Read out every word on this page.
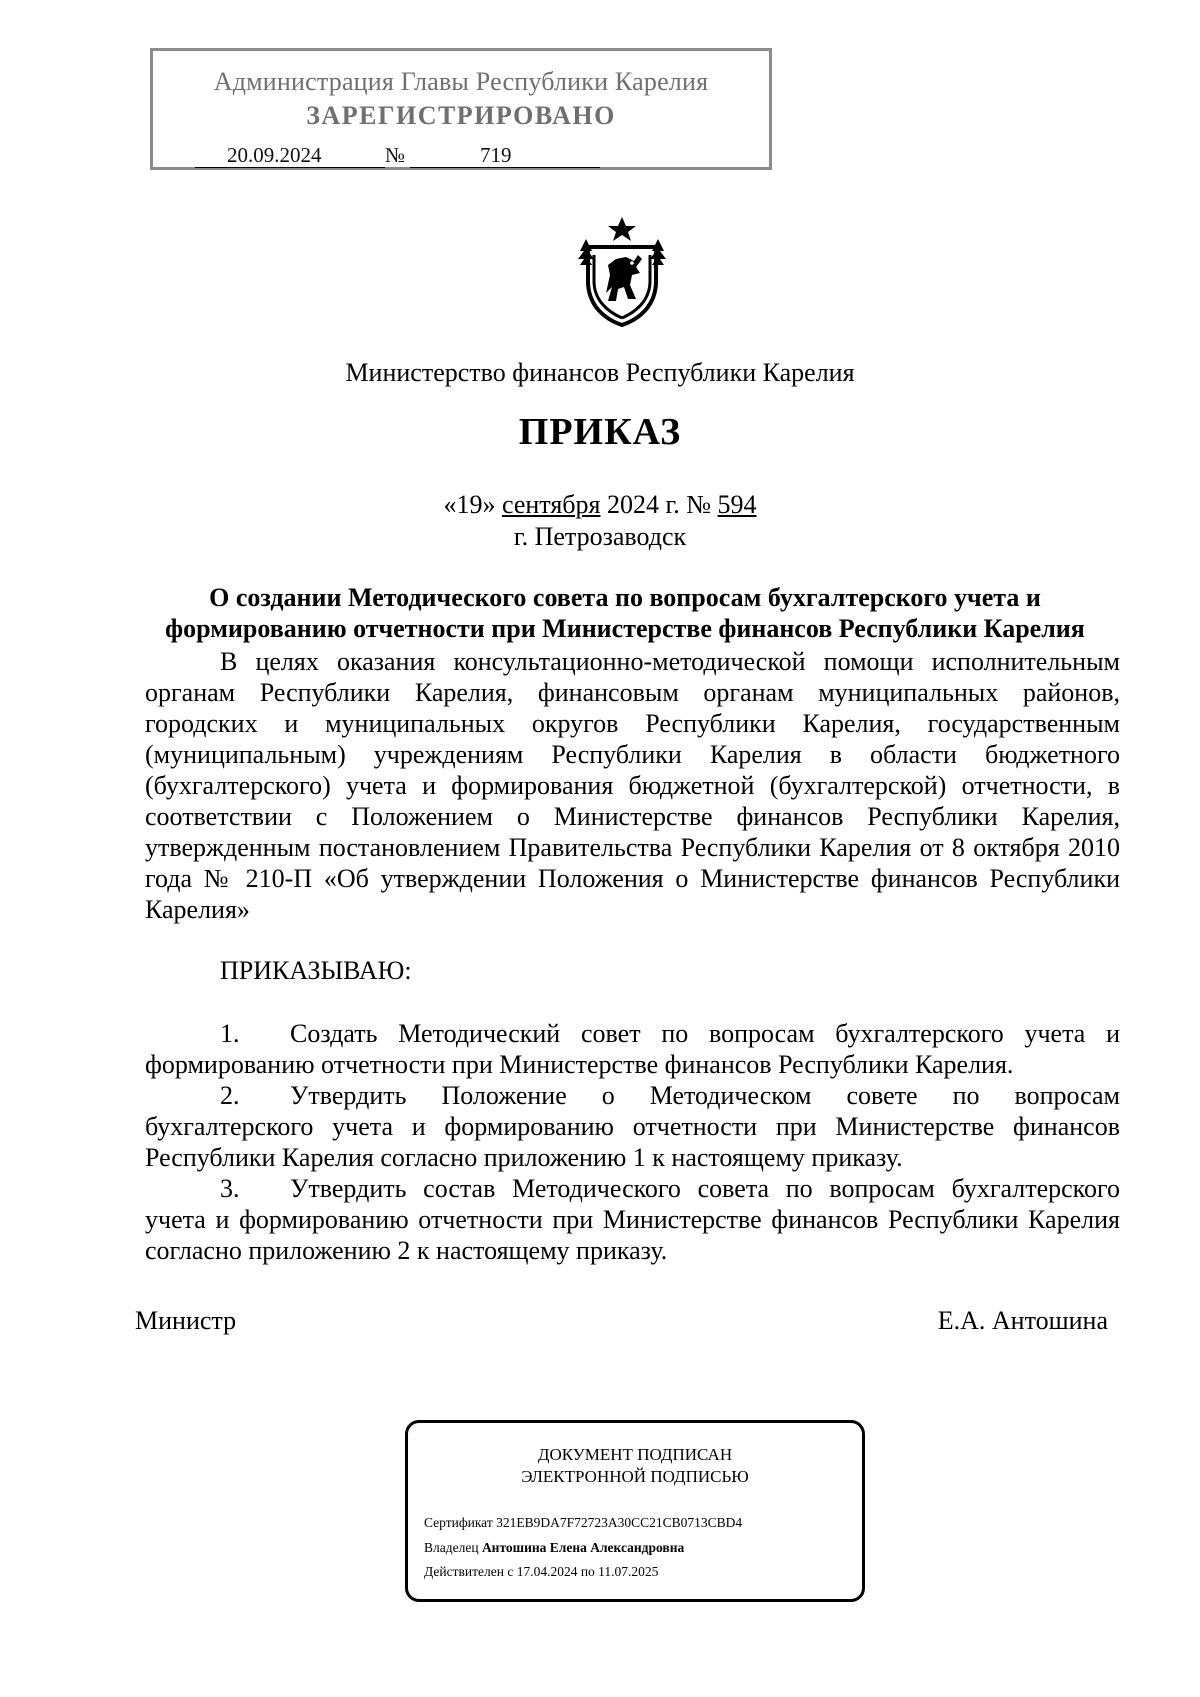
Администрация Главы Республики Карелия
ЗАРЕГИСТРИРОВАНО
20.09.2024	№	719
Министерство финансов Республики Карелия
ПРИКАЗ
«19» сентября 2024 г. № 594
г. Петрозаводск
О создании Методического совета по вопросам бухгалтерского учета и формированию отчетности при Министерстве финансов Республики Карелия

В целях оказания консультационно-методической помощи исполнительным органам Республики Карелия, финансовым органам муниципальных районов, городских и муниципальных округов Республики Карелия, государственным (муниципальным) учреждениям Республики Карелия в области бюджетного (бухгалтерского) учета и формирования бюджетной (бухгалтерской) отчетности, в соответствии с Положением о Министерстве финансов Республики Карелия, утвержденным постановлением Правительства Республики Карелия от 8 октября 2010 года № 210-П «Об утверждении Положения о Министерстве финансов Республики Карелия»

ПРИКАЗЫВАЮ:

1. Создать Методический совет по вопросам бухгалтерского учета и формированию отчетности при Министерстве финансов Республики Карелия.

2. Утвердить Положение о Методическом совете по вопросам бухгалтерского учета и формированию отчетности при Министерстве финансов Республики Карелия согласно приложению 1 к настоящему приказу.

3. Утвердить состав Методического совета по вопросам бухгалтерского учета и формированию отчетности при Министерстве финансов Республики Карелия согласно приложению 2 к настоящему приказу.

Министр	Е.А. Антошина
ДОКУМЕНТ ПОДПИСАН
ЭЛЕКТРОННОЙ ПОДПИСЬЮ
Сертификат 321EB9DA7F72723A30CC21CB0713CBD4
Владелец Антошина Елена Александровна
Действителен с 17.04.2024 по 11.07.2025
